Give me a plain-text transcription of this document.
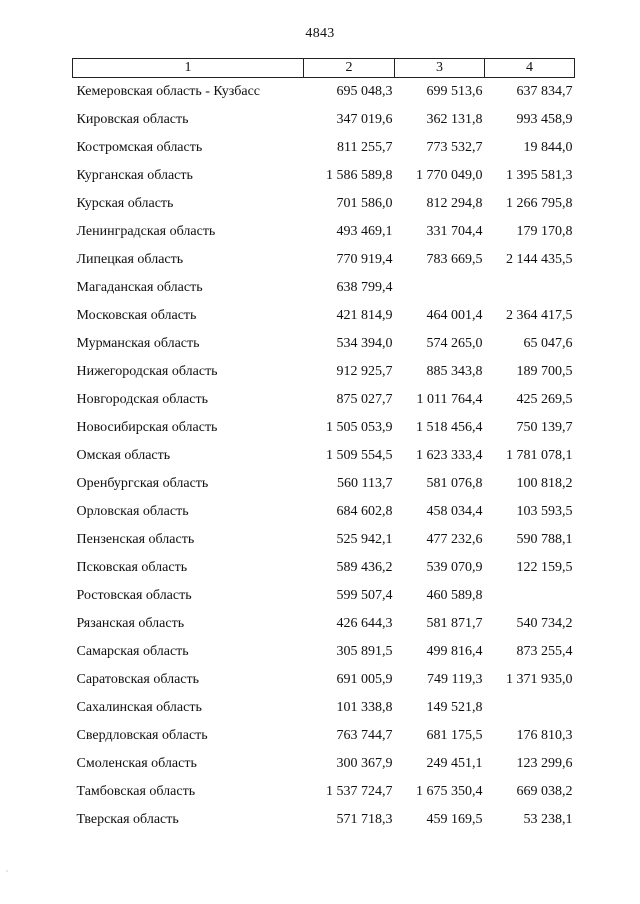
4843
1	2	3	4
Кемеровская область - Кузбасс	695 048,3	699 513,6	637 834,7
Кировская область	347 019,6	362 131,8	993 458,9
Костромская область	811 255,7	773 532,7	19 844,0
Курганская область	1 586 589,8	1 770 049,0	1 395 581,3
Курская область	701 586,0	812 294,8	1 266 795,8
Ленинградская область	493 469,1	331 704,4	179 170,8
Липецкая область	770 919,4	783 669,5	2 144 435,5
Магаданская область	638 799,4		
Московская область	421 814,9	464 001,4	2 364 417,5
Мурманская область	534 394,0	574 265,0	65 047,6
Нижегородская область	912 925,7	885 343,8	189 700,5
Новгородская область	875 027,7	1 011 764,4	425 269,5
Новосибирская область	1 505 053,9	1 518 456,4	750 139,7
Омская область	1 509 554,5	1 623 333,4	1 781 078,1
Оренбургская область	560 113,7	581 076,8	100 818,2
Орловская область	684 602,8	458 034,4	103 593,5
Пензенская область	525 942,1	477 232,6	590 788,1
Псковская область	589 436,2	539 070,9	122 159,5
Ростовская область	599 507,4	460 589,8	
Рязанская область	426 644,3	581 871,7	540 734,2
Самарская область	305 891,5	499 816,4	873 255,4
Саратовская область	691 005,9	749 119,3	1 371 935,0
Сахалинская область	101 338,8	149 521,8	
Свердловская область	763 744,7	681 175,5	176 810,3
Смоленская область	300 367,9	249 451,1	123 299,6
Тамбовская область	1 537 724,7	1 675 350,4	669 038,2
Тверская область	571 718,3	459 169,5	53 238,1
